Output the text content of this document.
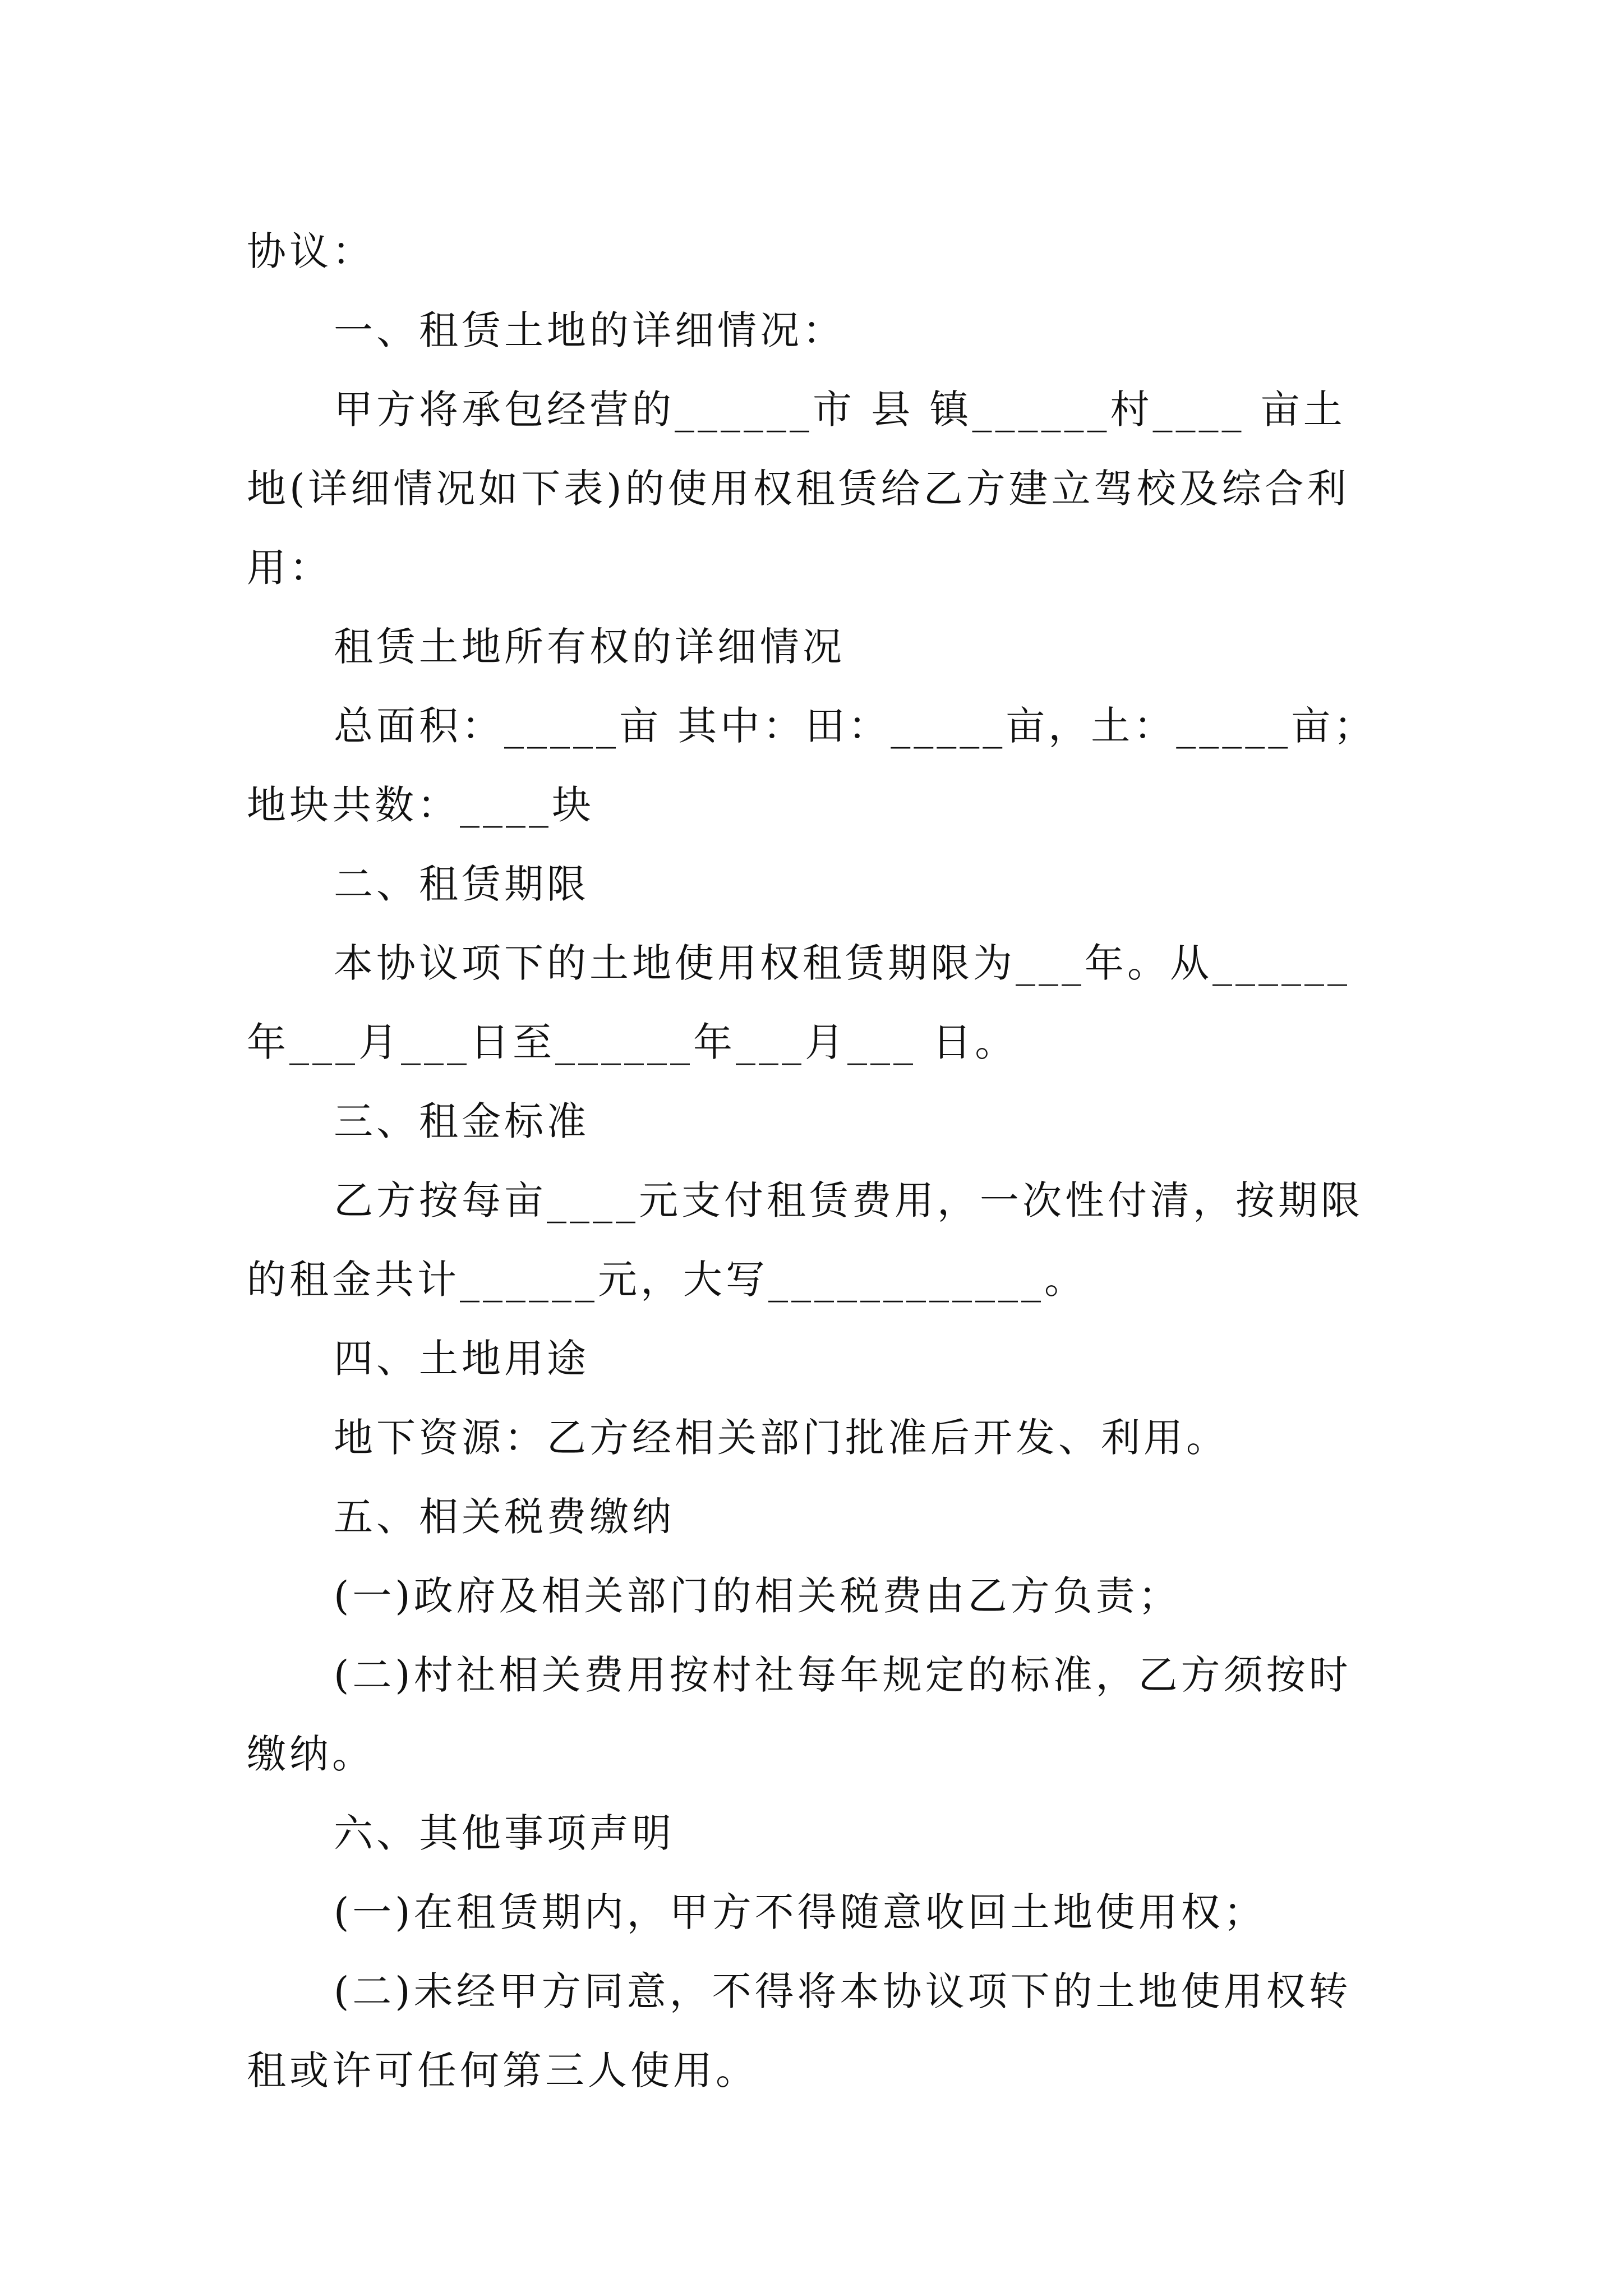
协议：
一、租赁土地的详细情况：
甲方将承包经营的______市 县 镇______村____ 亩土
地(详细情况如下表)的使用权租赁给乙方建立驾校及综合利
用：
租赁土地所有权的详细情况
总面积：_____亩 其中：田：_____亩，土：_____亩；
地块共数：____块
二、租赁期限
本协议项下的土地使用权租赁期限为___年。从______
年___月___日至______年___月___ 日。
三、租金标准
乙方按每亩____元支付租赁费用，一次性付清，按期限
的租金共计______元，大写____________。
四、土地用途
地下资源：乙方经相关部门批准后开发、利用。
五、相关税费缴纳
(一)政府及相关部门的相关税费由乙方负责；
(二)村社相关费用按村社每年规定的标准，乙方须按时
缴纳。
六、其他事项声明
(一)在租赁期内，甲方不得随意收回土地使用权；
(二)未经甲方同意，不得将本协议项下的土地使用权转
租或许可任何第三人使用。
